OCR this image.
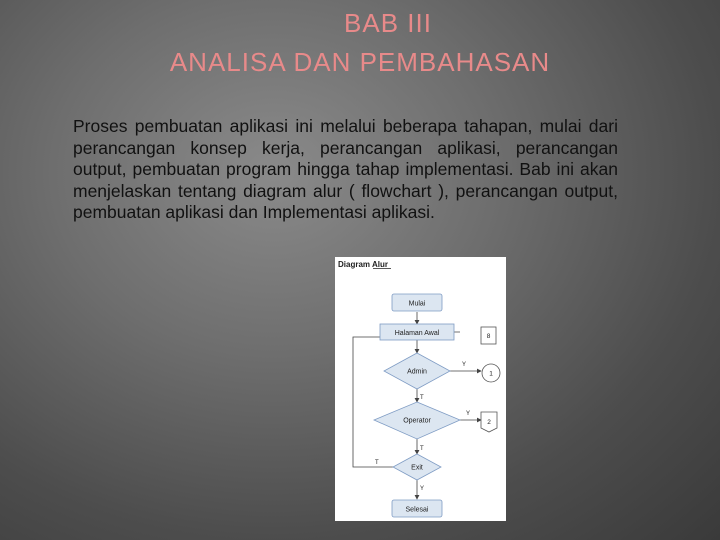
BAB III
ANALISA DAN PEMBAHASAN
Proses pembuatan aplikasi ini melalui beberapa tahapan, mulai dari perancangan konsep kerja, perancangan aplikasi, perancangan output, pembuatan program hingga tahap implementasi. Bab ini akan menjelaskan tentang diagram alur ( flowchart ), perancangan output, pembuatan aplikasi dan Implementasi aplikasi.
Diagram Alur
Mulai
Halaman Awal	8
Admin	1
Operator	2
Exit
Selesai
Y
T
Y
T
T
Y
